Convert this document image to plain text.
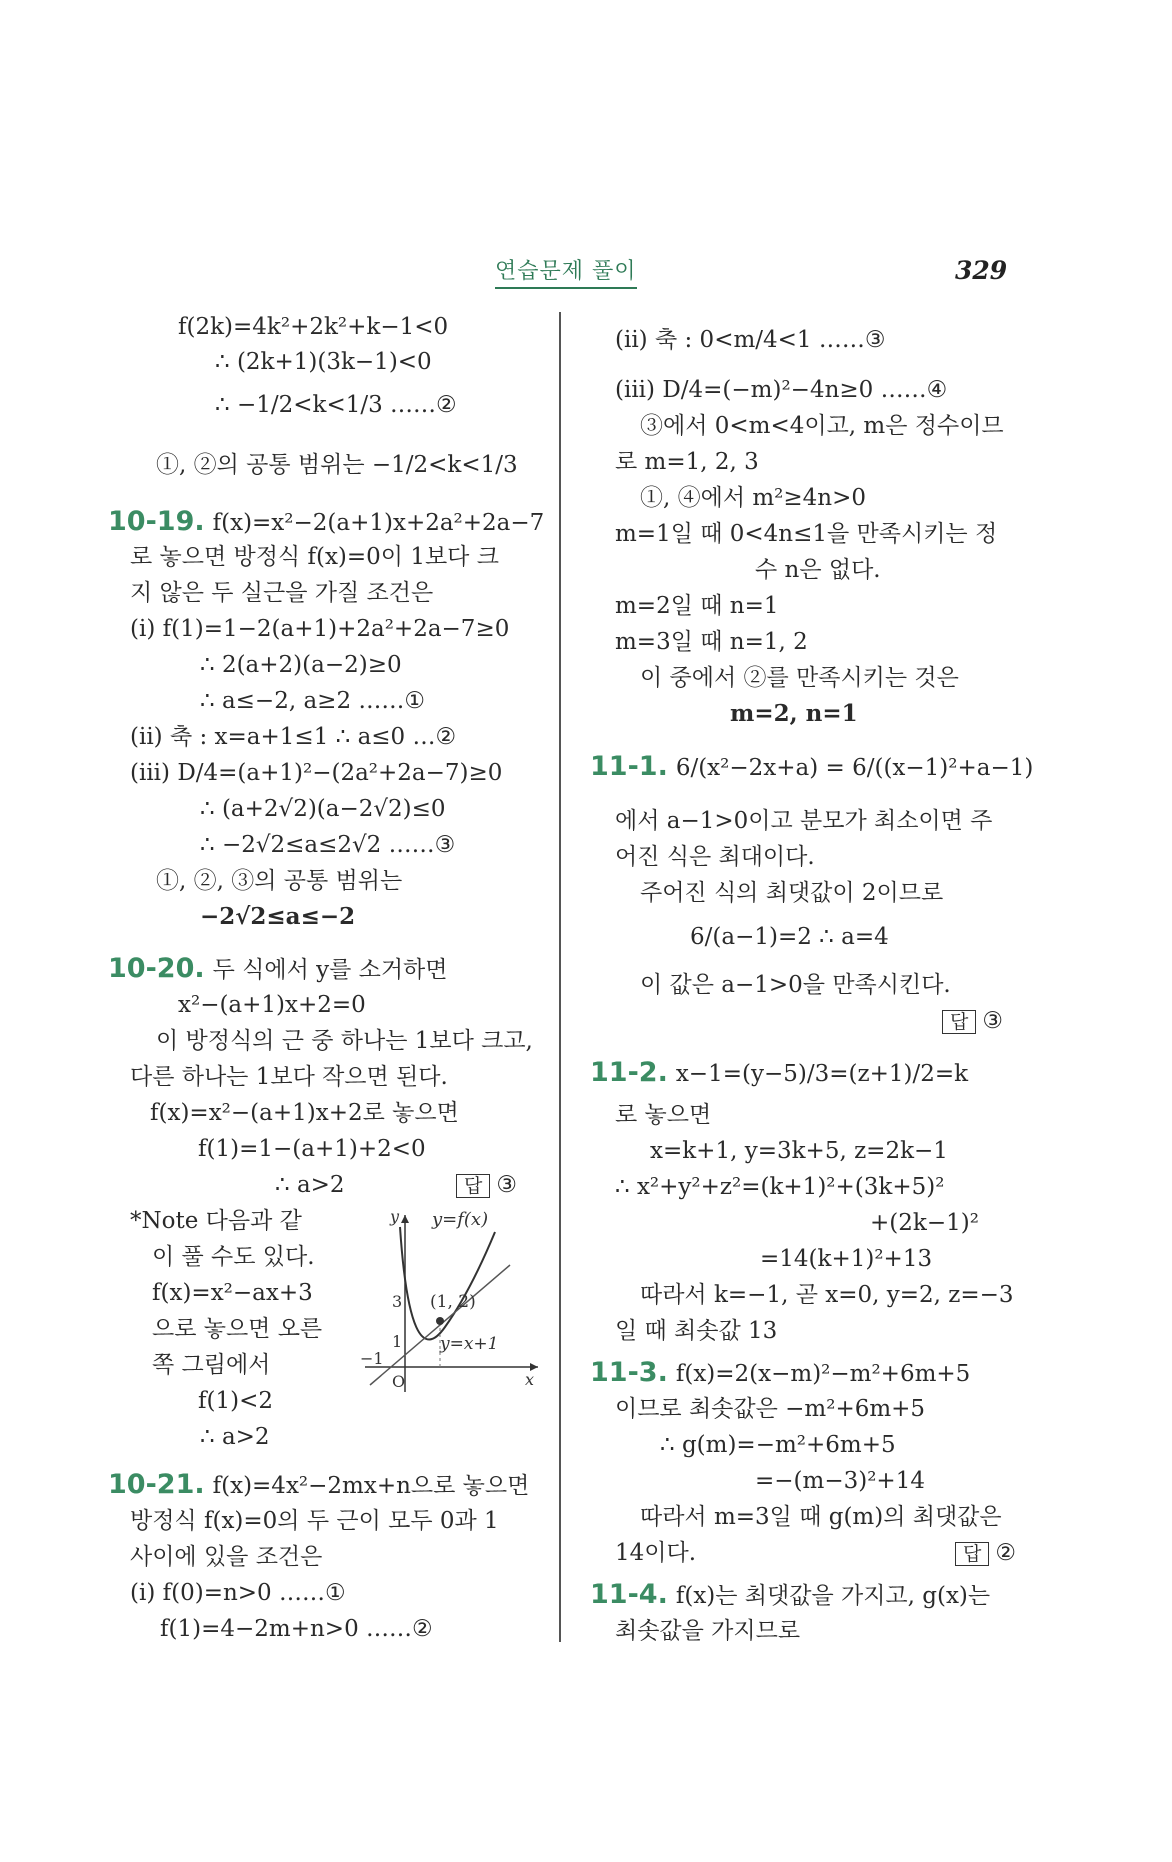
연습문제 풀이	329
f(2k)=4k²+2k²+k−1<0
∴ (2k+1)(3k−1)<0
∴ −1/2<k<1/3 ……②
①, ②의 공통 범위는 −1/2<k<1/3
10-19. f(x)=x²−2(a+1)x+2a²+2a−7
로 놓으면 방정식 f(x)=0이 1보다 크
지 않은 두 실근을 가질 조건은
(i) f(1)=1−2(a+1)+2a²+2a−7≥0
∴ 2(a+2)(a−2)≥0
∴ a≤−2, a≥2 ……①
(ii) 축 : x=a+1≤1 ∴ a≤0 …②
(iii) D/4=(a+1)²−(2a²+2a−7)≥0
∴ (a+2√2)(a−2√2)≤0
∴ −2√2≤a≤2√2 ……③
①, ②, ③의 공통 범위는
−2√2≤a≤−2
10-20. 두 식에서 y를 소거하면
x²−(a+1)x+2=0
이 방정식의 근 중 하나는 1보다 크고,
다른 하나는 1보다 작으면 된다.
f(x)=x²−(a+1)x+2로 놓으면
f(1)=1−(a+1)+2<0
∴ a>2	답 ③
*Note 다음과 같
이 풀 수도 있다.
f(x)=x²−ax+3
으로 놓으면 오른
쪽 그림에서
f(1)<2
∴ a>2
10-21. f(x)=4x²−2mx+n으로 놓으면
방정식 f(x)=0의 두 근이 모두 0과 1
사이에 있을 조건은
(i) f(0)=n>0 ……①
f(1)=4−2m+n>0 ……②
y=f(x)
y=x+1
(1, 2)
y
x
O
3
1
−1
(ii) 축 : 0<m/4<1 ……③
(iii) D/4=(−m)²−4n≥0 ……④
③에서 0<m<4이고, m은 정수이므
로 m=1, 2, 3
①, ④에서 m²≥4n>0
m=1일 때 0<4n≤1을 만족시키는 정
수 n은 없다.
m=2일 때 n=1
m=3일 때 n=1, 2
이 중에서 ②를 만족시키는 것은
m=2, n=1
11-1. 6/(x²−2x+a) = 6/((x−1)²+a−1)
에서 a−1>0이고 분모가 최소이면 주
어진 식은 최대이다.
주어진 식의 최댓값이 2이므로
6/(a−1)=2 ∴ a=4
이 값은 a−1>0을 만족시킨다.
답 ③
11-2. x−1=(y−5)/3=(z+1)/2=k
로 놓으면
x=k+1, y=3k+5, z=2k−1
∴ x²+y²+z²=(k+1)²+(3k+5)²
+(2k−1)²
=14(k+1)²+13
따라서 k=−1, 곧 x=0, y=2, z=−3
일 때 최솟값 13
11-3. f(x)=2(x−m)²−m²+6m+5
이므로 최솟값은 −m²+6m+5
∴ g(m)=−m²+6m+5
=−(m−3)²+14
따라서 m=3일 때 g(m)의 최댓값은
14이다.	답 ②
11-4. f(x)는 최댓값을 가지고, g(x)는
최솟값을 가지므로
